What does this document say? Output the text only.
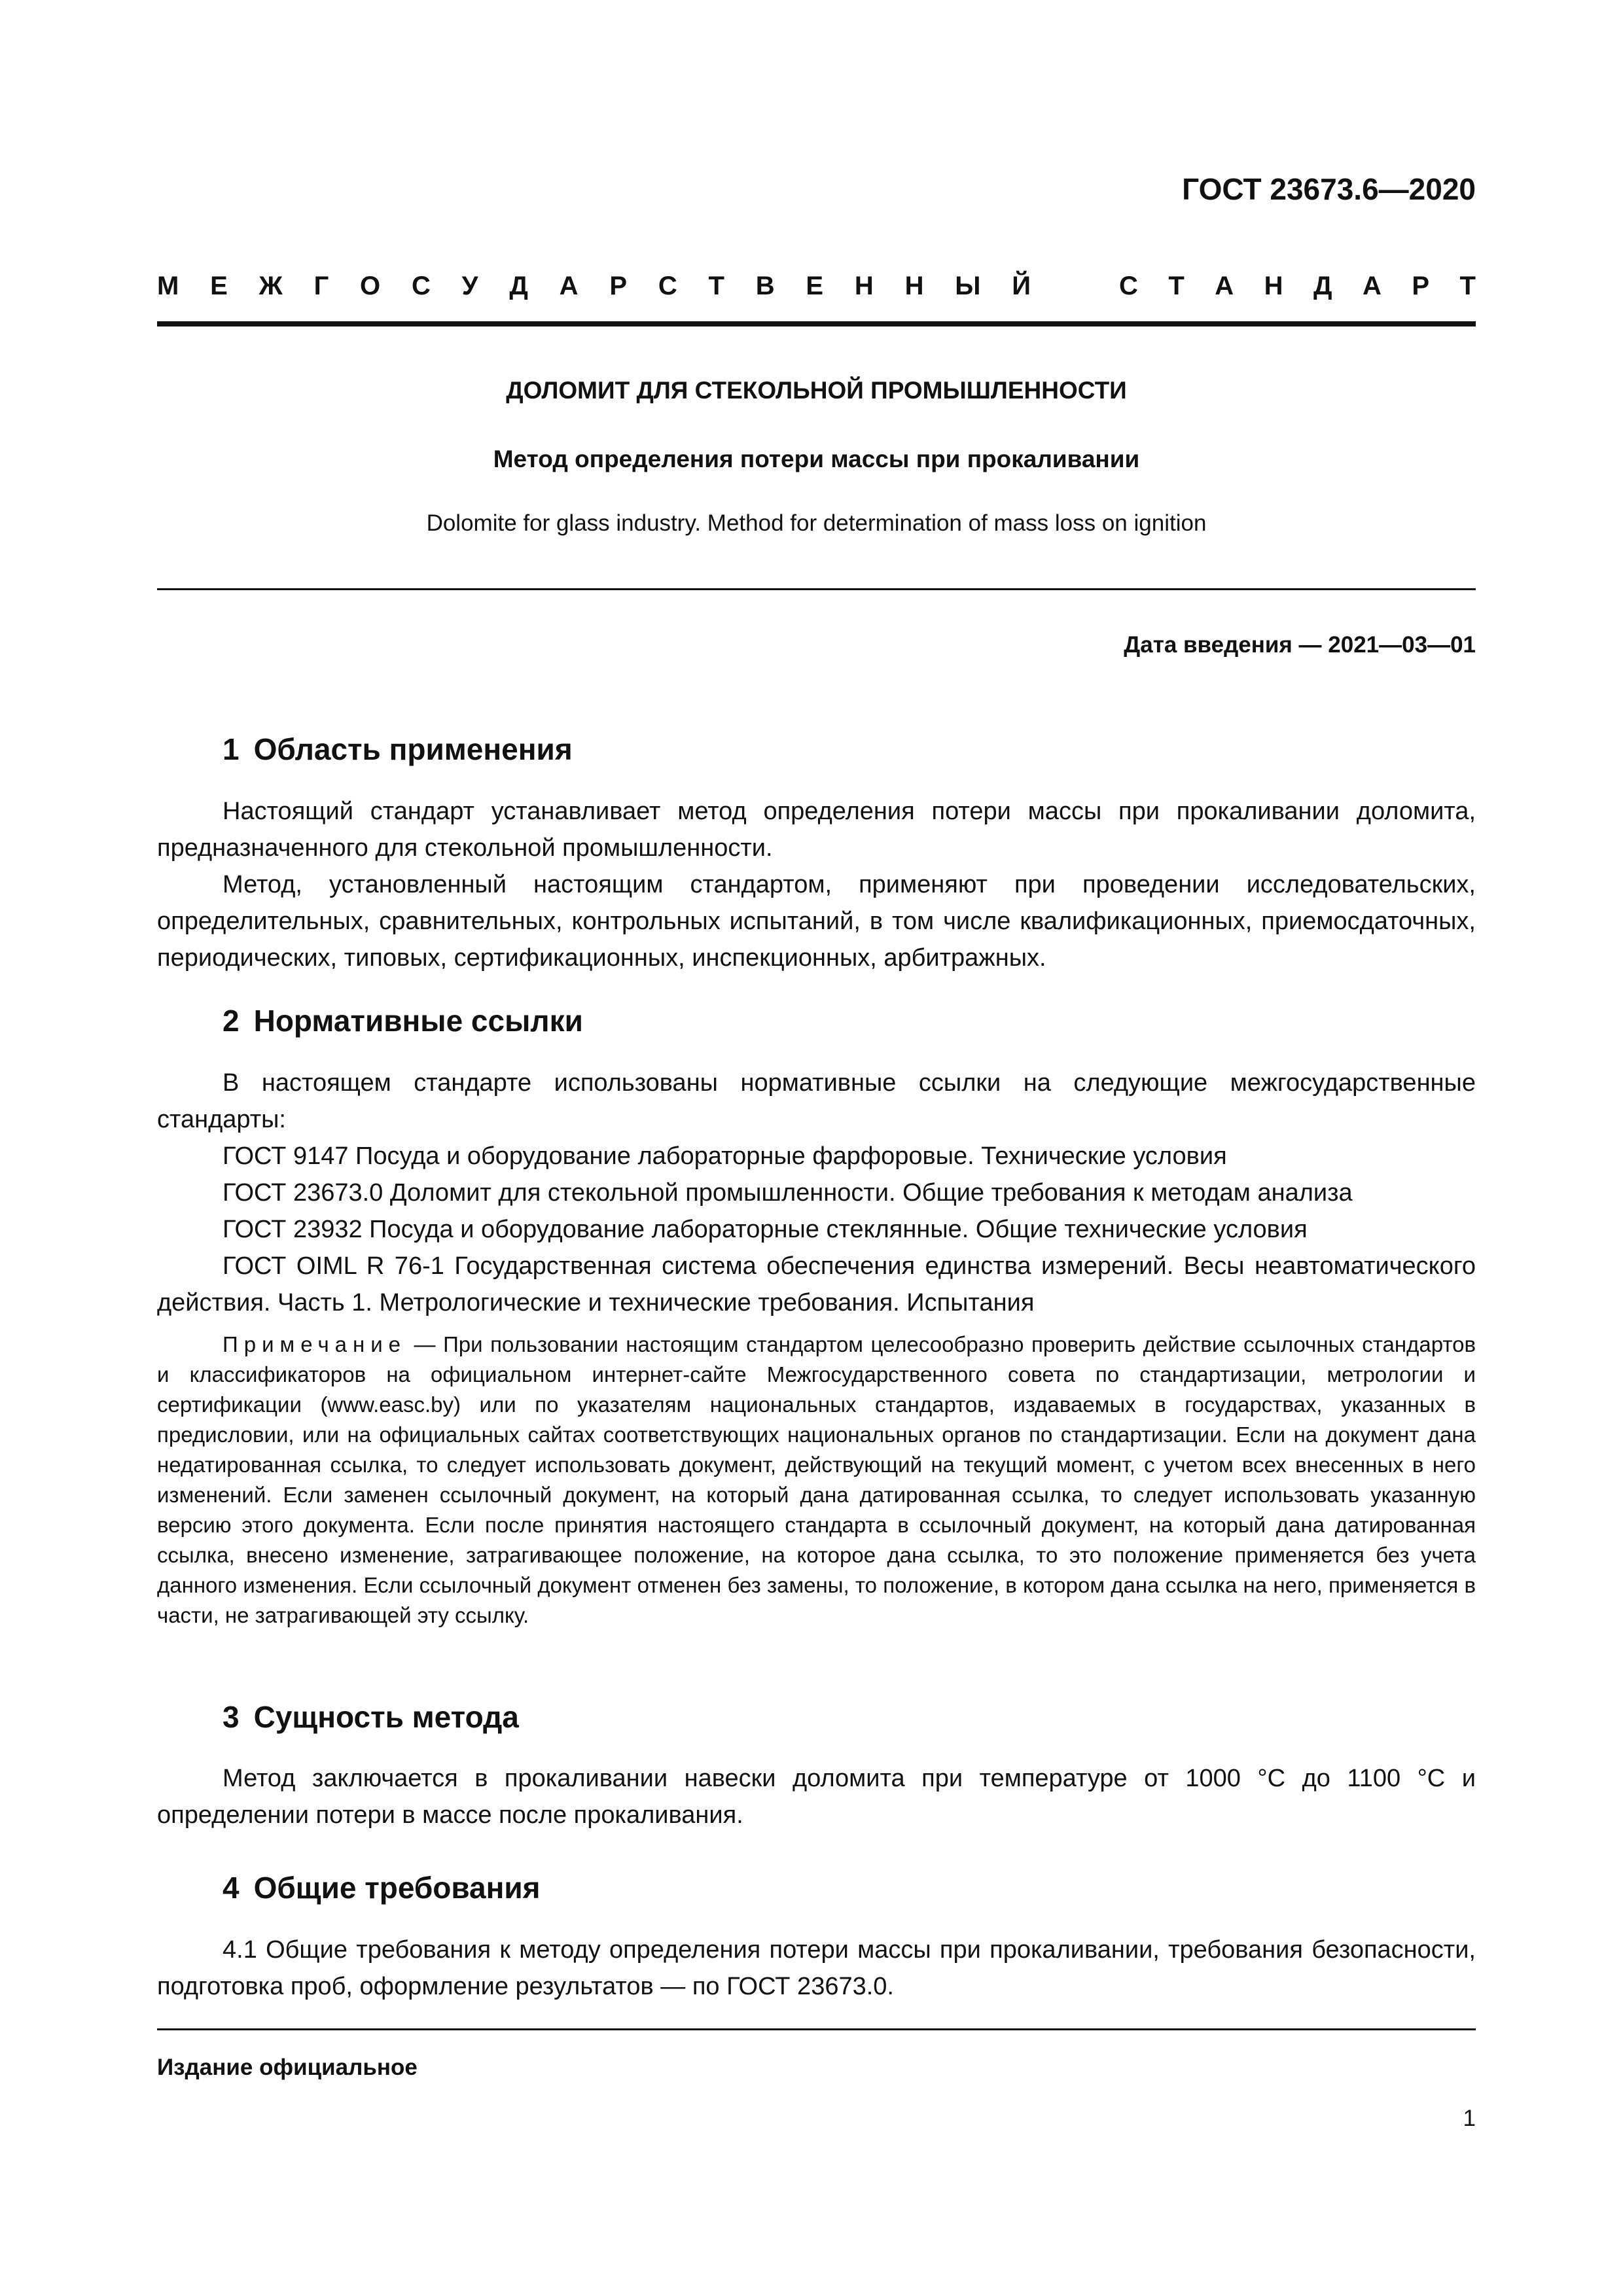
ГОСТ 23673.6—2020

М Е Ж Г О С У Д А Р С Т В Е Н Н Ы Й	С Т А Н Д А Р Т

ДОЛОМИТ ДЛЯ СТЕКОЛЬНОЙ ПРОМЫШЛЕННОСТИ

Метод определения потери массы при прокаливании

Dolomite for glass industry. Method for determination of mass loss on ignition

Дата введения — 2021—03—01

1 Область применения

Настоящий стандарт устанавливает метод определения потери массы при прокаливании доломита, предназначенного для стекольной промышленности.

Метод, установленный настоящим стандартом, применяют при проведении исследовательских, определительных, сравнительных, контрольных испытаний, в том числе квалификационных, приемосдаточных, периодических, типовых, сертификационных, инспекционных, арбитражных.

2 Нормативные ссылки

В настоящем стандарте использованы нормативные ссылки на следующие межгосударственные стандарты:

ГОСТ 9147 Посуда и оборудование лабораторные фарфоровые. Технические условия

ГОСТ 23673.0 Доломит для стекольной промышленности. Общие требования к методам анализа

ГОСТ 23932 Посуда и оборудование лабораторные стеклянные. Общие технические условия

ГОСТ OIML R 76-1 Государственная система обеспечения единства измерений. Весы неавтоматического действия. Часть 1. Метрологические и технические требования. Испытания

Примечание — При пользовании настоящим стандартом целесообразно проверить действие ссылочных стандартов и классификаторов на официальном интернет-сайте Межгосударственного совета по стандартизации, метрологии и сертификации (www.easc.by) или по указателям национальных стандартов, издаваемых в государствах, указанных в предисловии, или на официальных сайтах соответствующих национальных органов по стандартизации. Если на документ дана недатированная ссылка, то следует использовать документ, действующий на текущий момент, с учетом всех внесенных в него изменений. Если заменен ссылочный документ, на который дана датированная ссылка, то следует использовать указанную версию этого документа. Если после принятия настоящего стандарта в ссылочный документ, на который дана датированная ссылка, внесено изменение, затрагивающее положение, на которое дана ссылка, то это положение применяется без учета данного изменения. Если ссылочный документ отменен без замены, то положение, в котором дана ссылка на него, применяется в части, не затрагивающей эту ссылку.

3 Сущность метода

Метод заключается в прокаливании навески доломита при температуре от 1000 °С до 1100 °С и определении потери в массе после прокаливания.

4 Общие требования

4.1 Общие требования к методу определения потери массы при прокаливании, требования безопасности, подготовка проб, оформление результатов — по ГОСТ 23673.0.

Издание официальное

1
